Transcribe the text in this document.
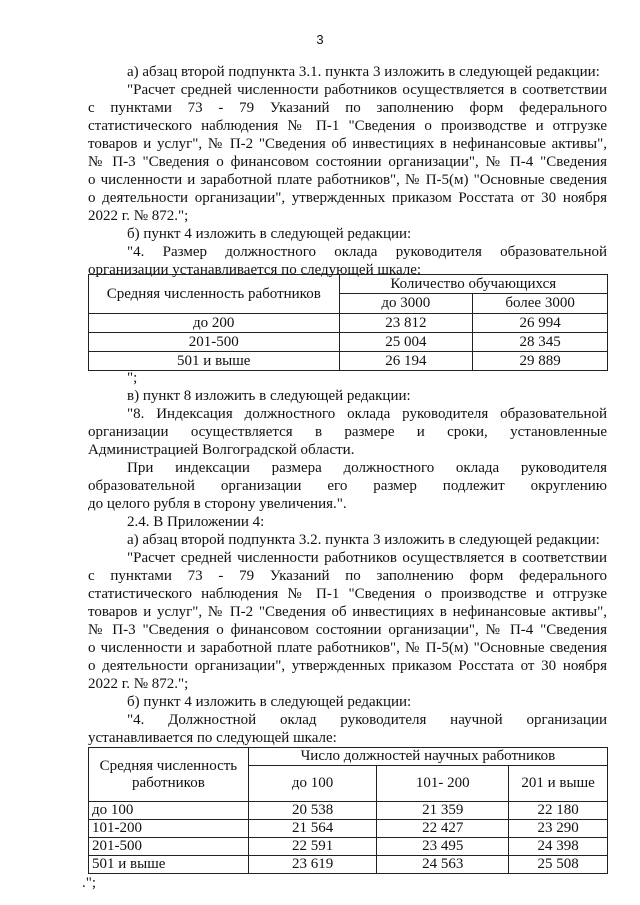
3
а) абзац второй подпункта 3.1. пункта 3 изложить в следующей редакции:
"Расчет средней численности работников осуществляется в соответствии
с пунктами 73 - 79 Указаний по заполнению форм федерального
статистического наблюдения № П-1 "Сведения о производстве и отгрузке
товаров и услуг", № П-2 "Сведения об инвестициях в нефинансовые активы",
№ П-3 "Сведения о финансовом состоянии организации", № П-4 "Сведения
о численности и заработной плате работников", № П-5(м) "Основные сведения
о деятельности организации", утвержденных приказом Росстата от 30 ноября
2022 г. № 872.";
б) пункт 4 изложить в следующей редакции:
"4. Размер должностного оклада руководителя образовательной
организации устанавливается по следующей шкале:
Средняя численность работников	Количество обучающихся	
	до 3000	более 3000
до 200	23 812	26 994
201-500	25 004	28 345
501 и выше	26 194	29 889
";
в) пункт 8 изложить в следующей редакции:
"8. Индексация должностного оклада руководителя образовательной
организации осуществляется в размере и сроки, установленные
Администрацией Волгоградской области.
При индексации размера должностного оклада руководителя
образовательной организации его размер подлежит округлению
до целого рубля в сторону увеличения.".
2.4. В Приложении 4:
а) абзац второй подпункта 3.2. пункта 3 изложить в следующей редакции:
"Расчет средней численности работников осуществляется в соответствии
с пунктами 73 - 79 Указаний по заполнению форм федерального
статистического наблюдения № П-1 "Сведения о производстве и отгрузке
товаров и услуг", № П-2 "Сведения об инвестициях в нефинансовые активы",
№ П-3 "Сведения о финансовом состоянии организации", № П-4 "Сведения
о численности и заработной плате работников", № П-5(м) "Основные сведения
о деятельности организации", утвержденных приказом Росстата от 30 ноября
2022 г. № 872.";
б) пункт 4 изложить в следующей редакции:
"4. Должностной оклад руководителя научной организации
Средняя численность работников	Число должностей научных работников		
	до 100	101- 200	201 и выше
до 100	20 538	21 359	22 180
101-200	21 564	22 427	23 290
201-500	22 591	23 495	24 398
501 и выше	23 619	24 563	25 508
.";
устанавливается по следующей шкале:
